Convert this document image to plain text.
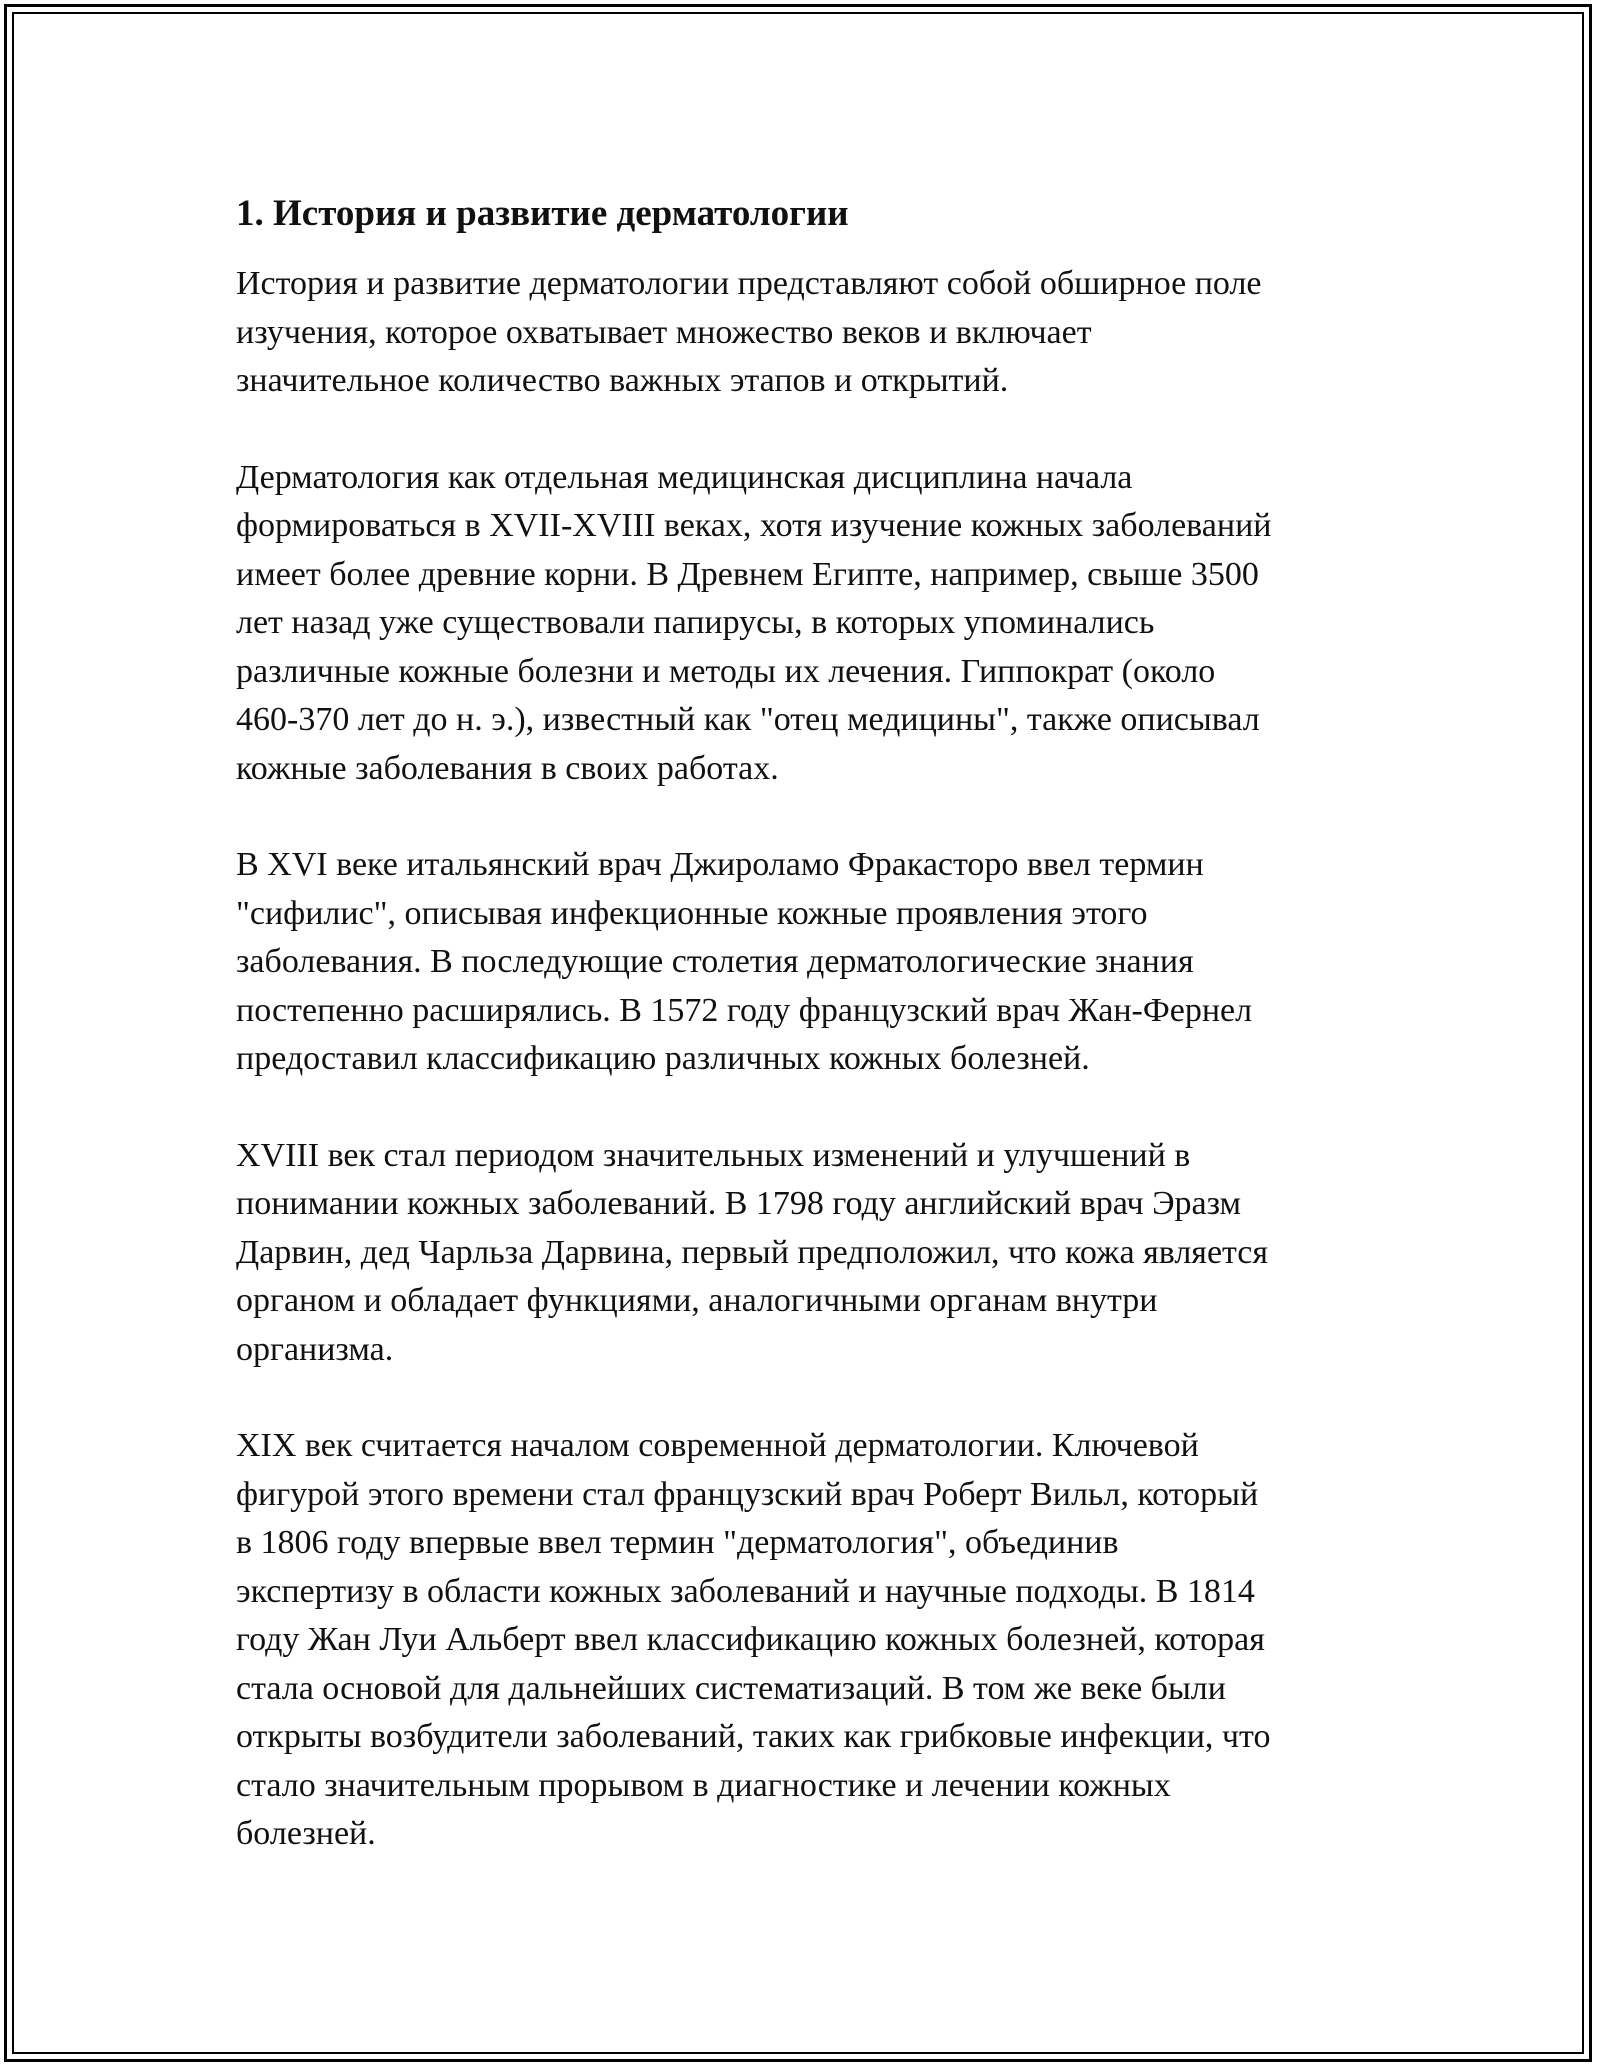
1. История и развитие дерматологии

История и развитие дерматологии представляют собой обширное поле
изучения, которое охватывает множество веков и включает
значительное количество важных этапов и открытий.

Дерматология как отдельная медицинская дисциплина начала
формироваться в XVII-XVIII веках, хотя изучение кожных заболеваний
имеет более древние корни. В Древнем Египте, например, свыше 3500
лет назад уже существовали папирусы, в которых упоминались
различные кожные болезни и методы их лечения. Гиппократ (около
460-370 лет до н. э.), известный как "отец медицины", также описывал
кожные заболевания в своих работах.

В XVI веке итальянский врач Джироламо Фракасторо ввел термин
"сифилис", описывая инфекционные кожные проявления этого
заболевания. В последующие столетия дерматологические знания
постепенно расширялись. В 1572 году французский врач Жан-Фернел
предоставил классификацию различных кожных болезней.

XVIII век стал периодом значительных изменений и улучшений в
понимании кожных заболеваний. В 1798 году английский врач Эразм
Дарвин, дед Чарльза Дарвина, первый предположил, что кожа является
органом и обладает функциями, аналогичными органам внутри
организма.

XIX век считается началом современной дерматологии. Ключевой
фигурой этого времени стал французский врач Роберт Вильл, который
в 1806 году впервые ввел термин "дерматология", объединив
экспертизу в области кожных заболеваний и научные подходы. В 1814
году Жан Луи Альберт ввел классификацию кожных болезней, которая
стала основой для дальнейших систематизаций. В том же веке были
открыты возбудители заболеваний, таких как грибковые инфекции, что
стало значительным прорывом в диагностике и лечении кожных
болезней.
